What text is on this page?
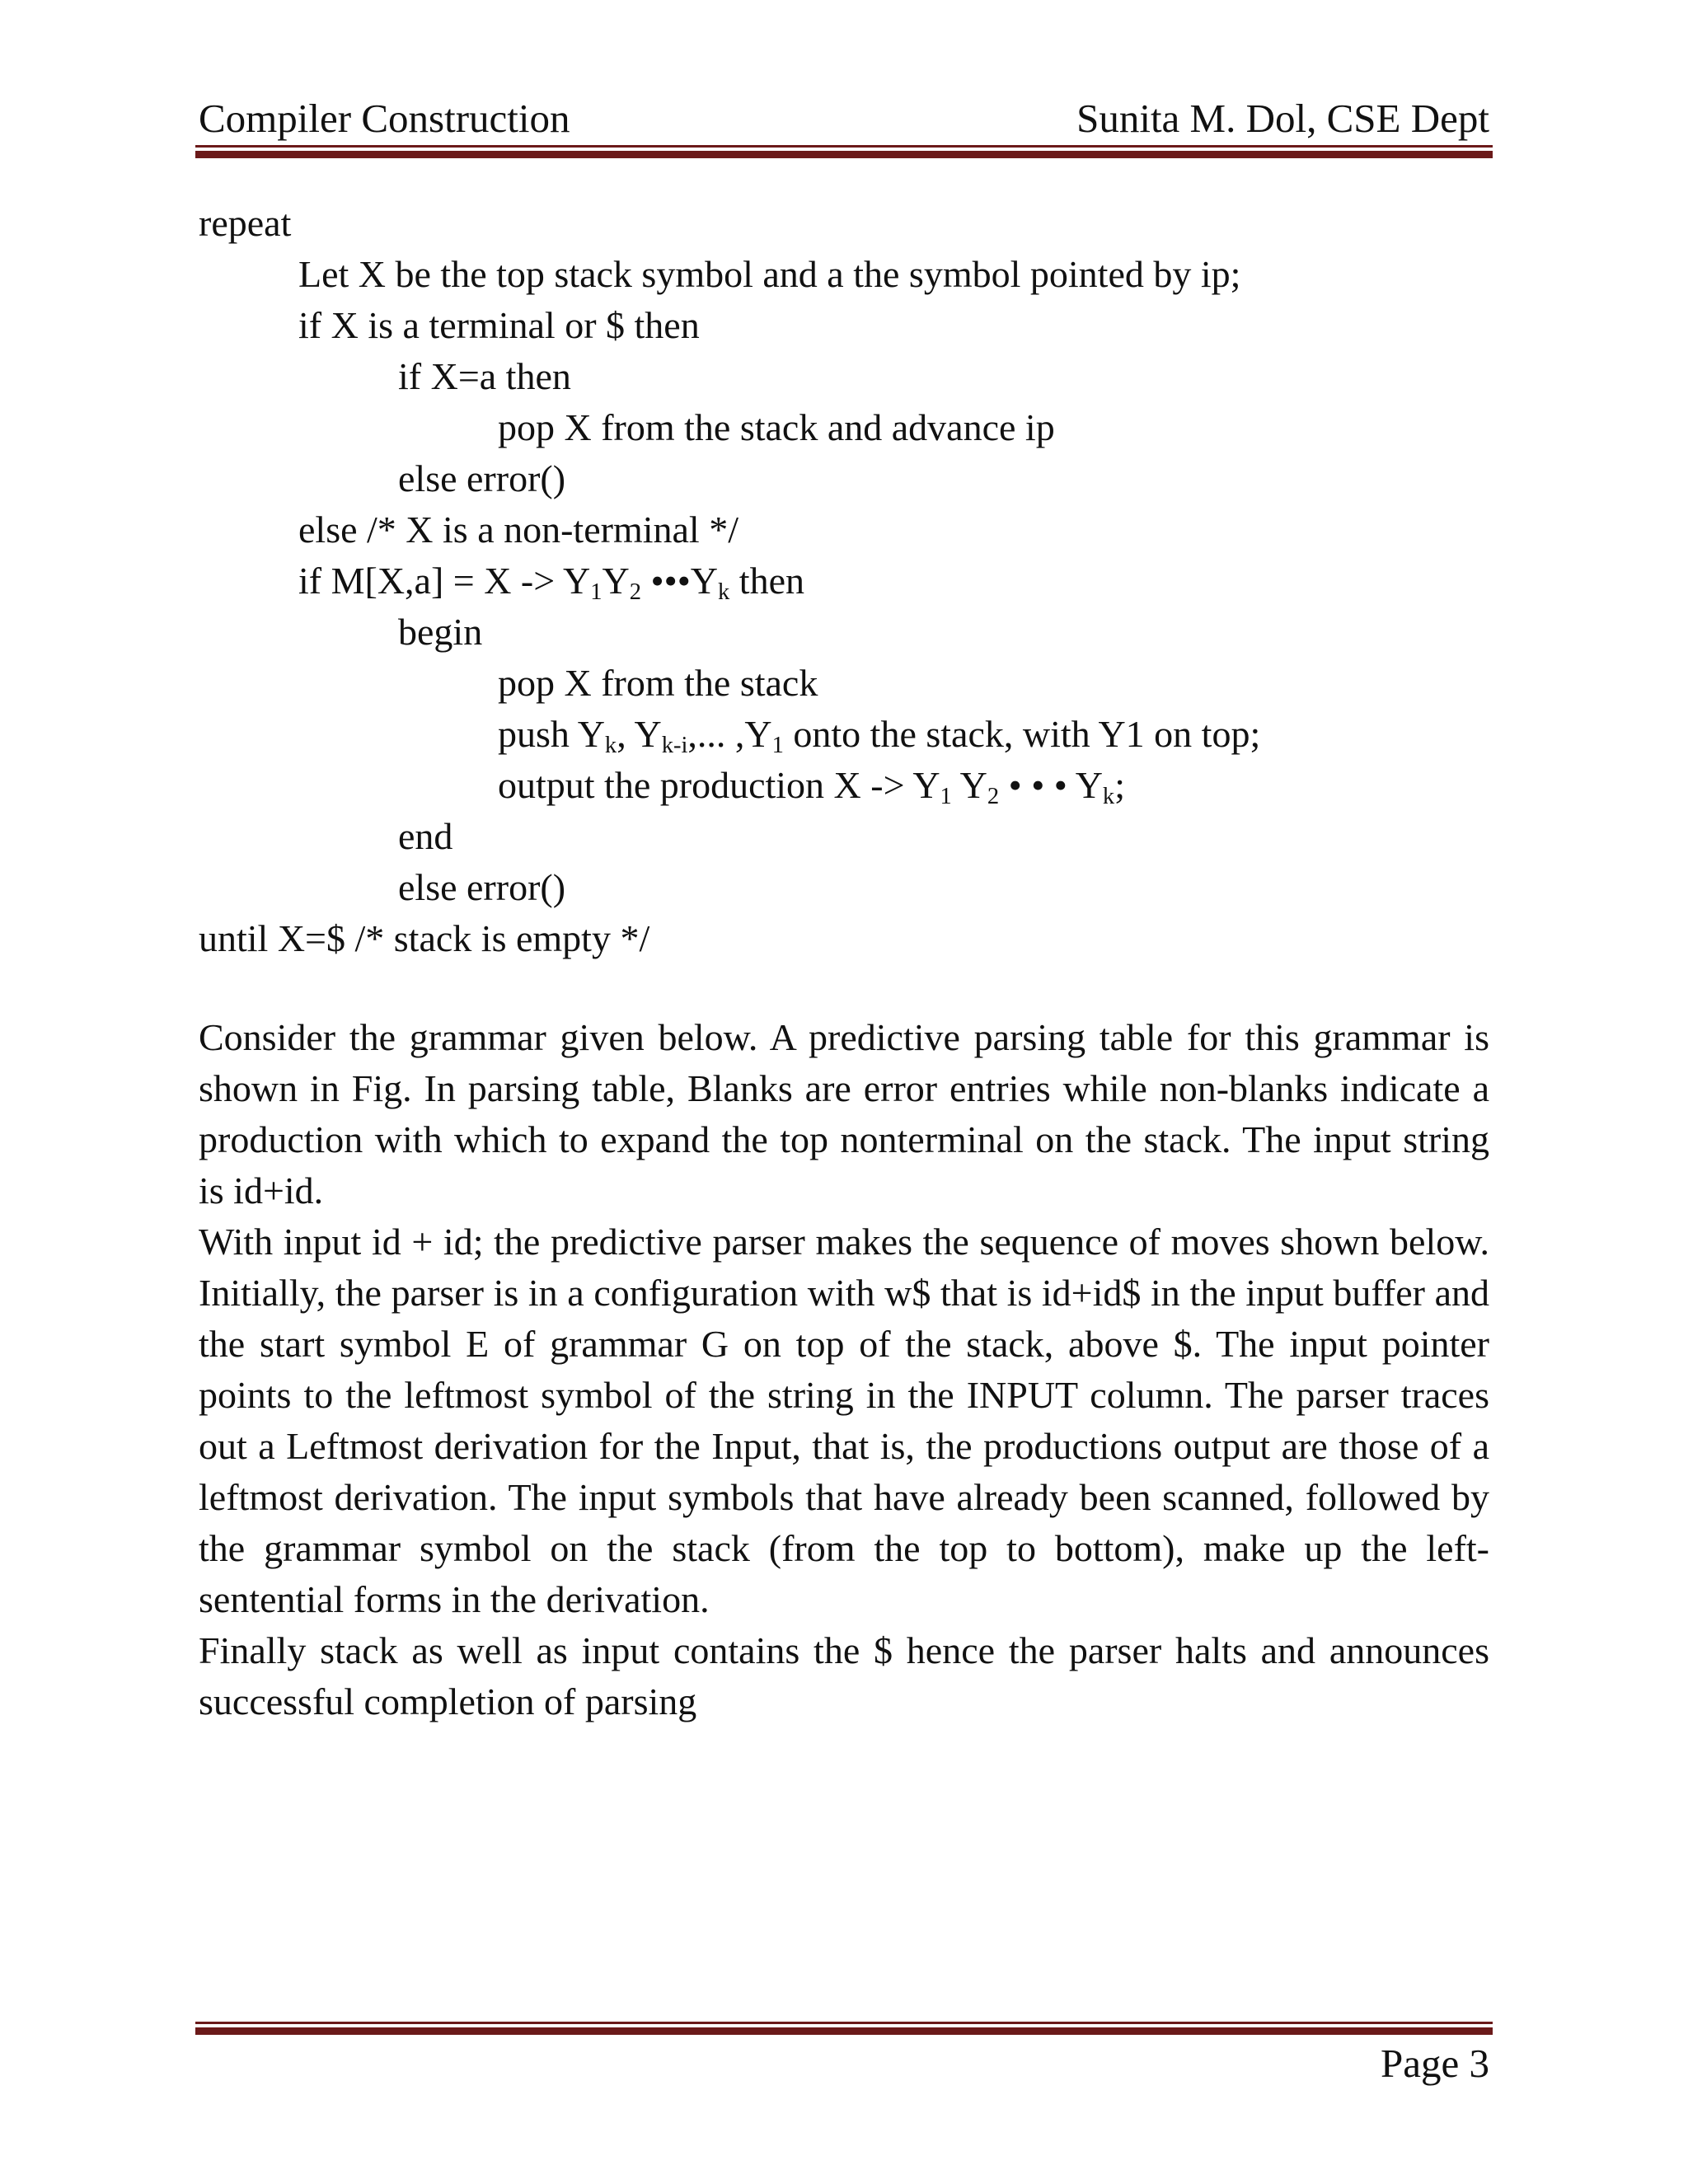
Compiler Construction	Sunita M. Dol, CSE Dept
repeat
Let X be the top stack symbol and a the symbol pointed by ip;
if X is a terminal or $ then
if X=a then
pop X from the stack and advance ip
else error()
else /* X is a non-terminal */
if $M[X,a] = X -> Y_1Y_2$ $•••Y_k$ then
begin
pop X from the stack
push $Y_k$, $Y_{k-i}$,... $,Y_1$ onto the stack, with Y1 on top;
output the production $X -> Y_1$ $Y_2$ • • • $Y_k$;
end
else error()
until X=$ /* stack is empty */

Consider the grammar given below. A predictive parsing table for this grammar is shown in Fig. In parsing table, Blanks are error entries while non-blanks indicate a production with which to expand the top nonterminal on the stack. The input string is id+id.

With input id + id; the predictive parser makes the sequence of moves shown below. Initially, the parser is in a configuration with w$ that is id+id$ in the input buffer and the start symbol E of grammar G on top of the stack, above $. The input pointer points to the leftmost symbol of the string in the INPUT column. The parser traces out a Leftmost derivation for the Input, that is, the productions output are those of a leftmost derivation. The input symbols that have already been scanned, followed by the grammar symbol on the stack (from the top to bottom), make up the left-sentential forms in the derivation.

Finally stack as well as input contains the $ hence the parser halts and announces successful completion of parsing

Page 3
